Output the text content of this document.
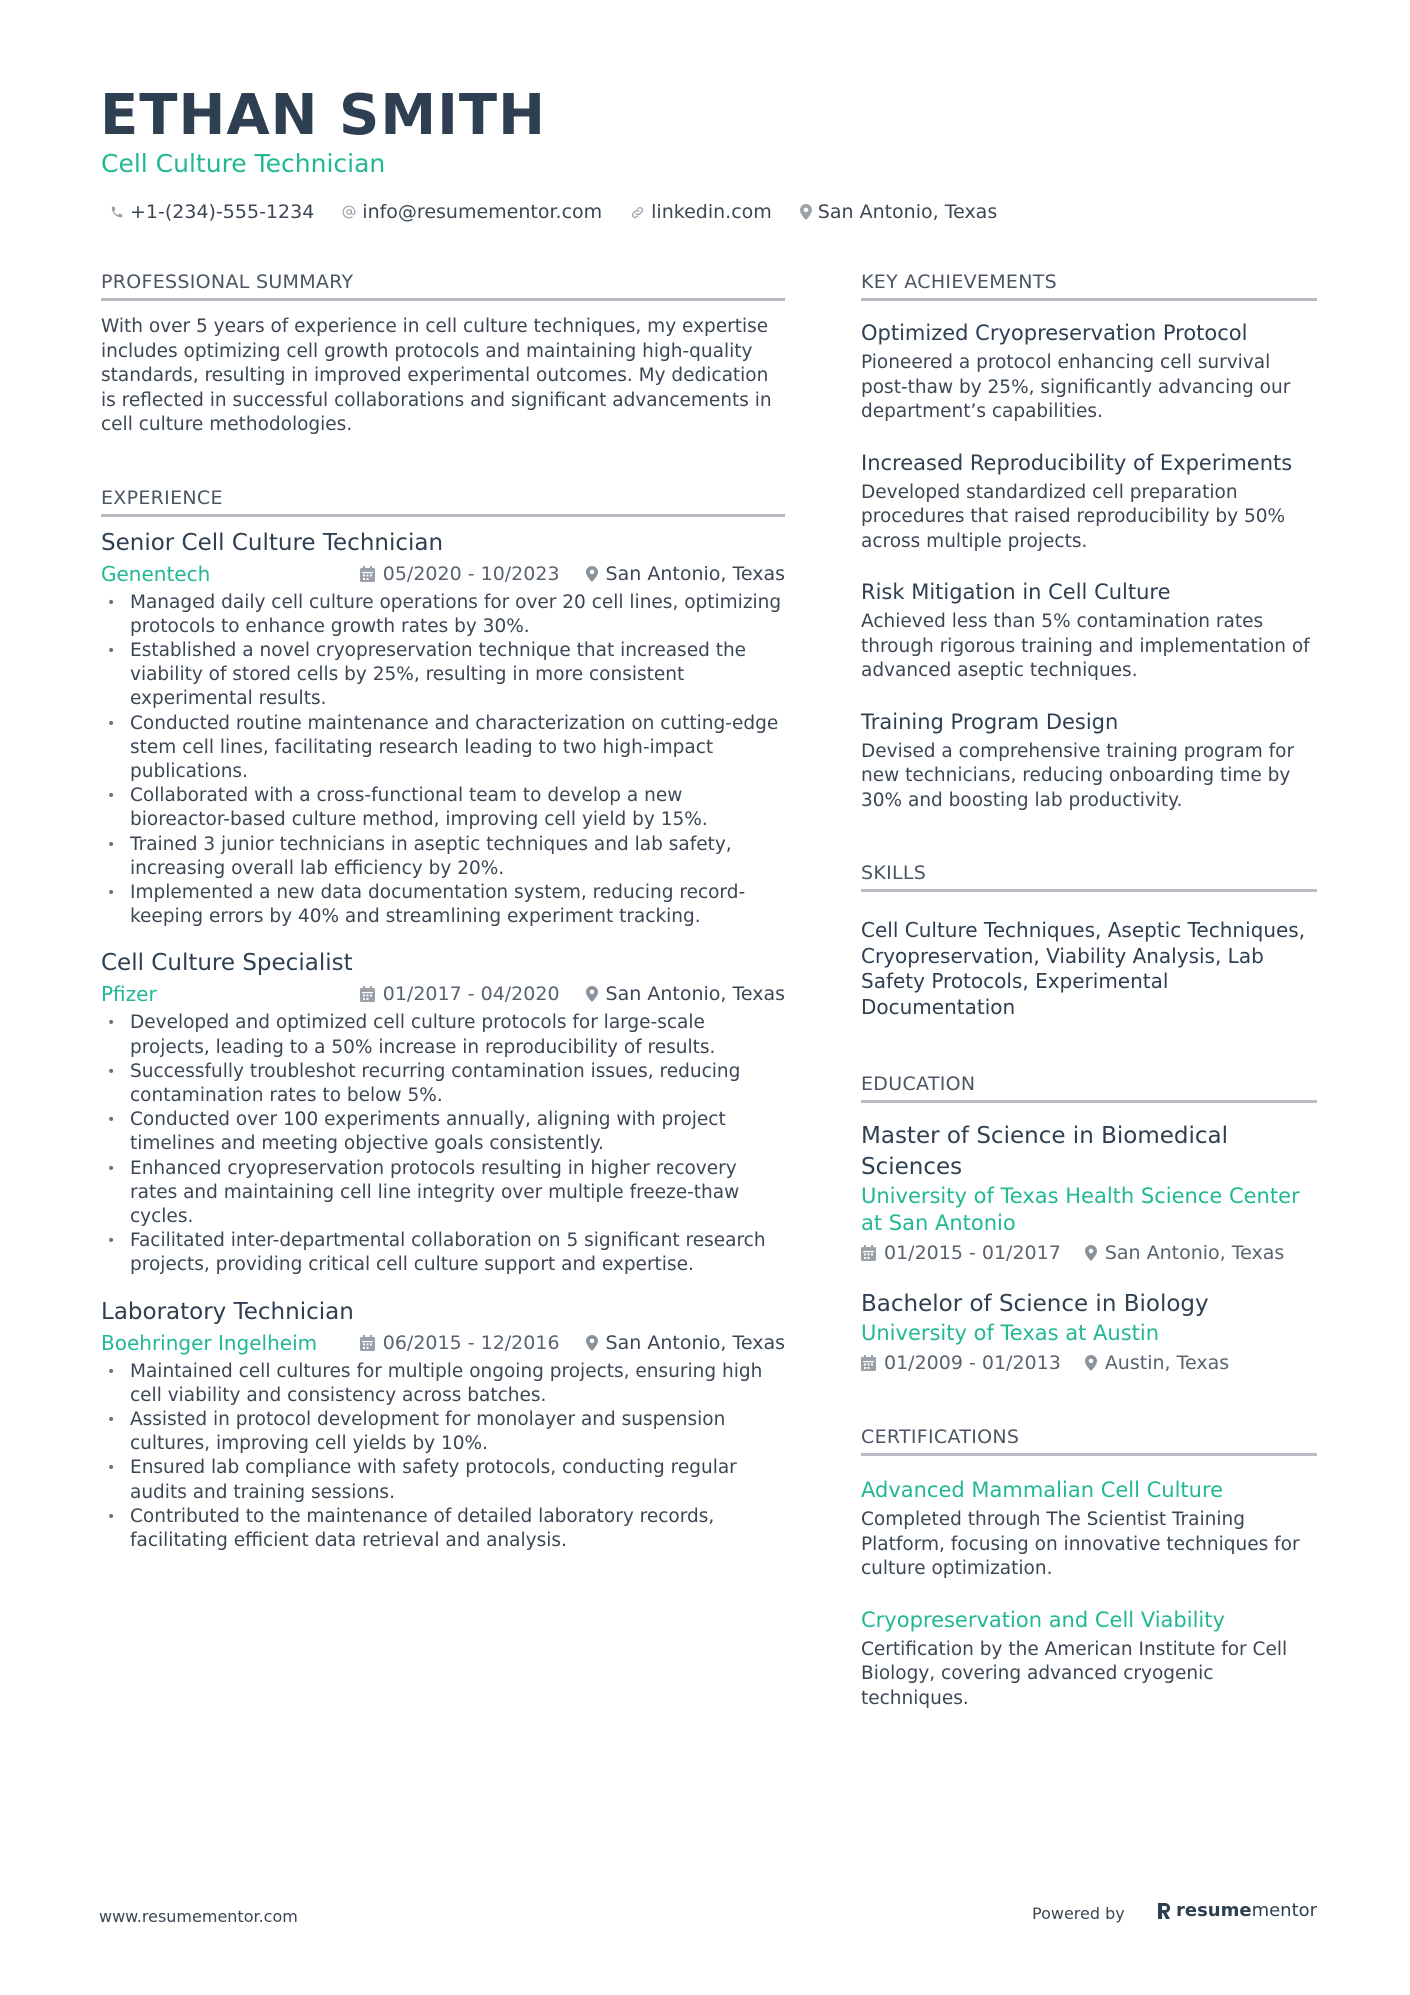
ETHAN SMITH
Cell Culture Technician
+1-(234)-555-1234	info@resumementor.com	linkedin.com San Antonio, Texas
PROFESSIONAL SUMMARY
With over 5 years of experience in cell culture techniques, my expertise includes optimizing cell growth protocols and maintaining high-quality standards, resulting in improved experimental outcomes. My dedication is reflected in successful collaborations and significant advancements in cell culture methodologies.
EXPERIENCE
Senior Cell Culture Technician
Genentech	05/2020 - 10/2023 San Antonio, Texas
• Managed daily cell culture operations for over 20 cell lines, optimizing protocols to enhance growth rates by 30%.
• Established a novel cryopreservation technique that increased the viability of stored cells by 25%, resulting in more consistent experimental results.
• Conducted routine maintenance and characterization on cutting-edge stem cell lines, facilitating research leading to two high-impact publications.
• Collaborated with a cross-functional team to develop a new bioreactor-based culture method, improving cell yield by 15%.
• Trained 3 junior technicians in aseptic techniques and lab safety, increasing overall lab efficiency by 20%.
• Implemented a new data documentation system, reducing record-keeping errors by 40% and streamlining experiment tracking.
Cell Culture Specialist
Pfizer	01/2017 - 04/2020 San Antonio, Texas
• Developed and optimized cell culture protocols for large-scale projects, leading to a 50% increase in reproducibility of results.
• Successfully troubleshot recurring contamination issues, reducing contamination rates to below 5%.
• Conducted over 100 experiments annually, aligning with project timelines and meeting objective goals consistently.
• Enhanced cryopreservation protocols resulting in higher recovery rates and maintaining cell line integrity over multiple freeze-thaw cycles.
• Facilitated inter-departmental collaboration on 5 significant research projects, providing critical cell culture support and expertise.
Laboratory Technician
Boehringer Ingelheim	06/2015 - 12/2016 San Antonio, Texas
• Maintained cell cultures for multiple ongoing projects, ensuring high cell viability and consistency across batches.
• Assisted in protocol development for monolayer and suspension cultures, improving cell yields by 10%.
• Ensured lab compliance with safety protocols, conducting regular audits and training sessions.
• Contributed to the maintenance of detailed laboratory records, facilitating efficient data retrieval and analysis.
KEY ACHIEVEMENTS
Optimized Cryopreservation Protocol
Pioneered a protocol enhancing cell survival post-thaw by 25%, significantly advancing our department’s capabilities.
Increased Reproducibility of Experiments
Developed standardized cell preparation procedures that raised reproducibility by 50% across multiple projects.
Risk Mitigation in Cell Culture
Achieved less than 5% contamination rates through rigorous training and implementation of advanced aseptic techniques.
Training Program Design
Devised a comprehensive training program for new technicians, reducing onboarding time by 30% and boosting lab productivity.
SKILLS
Cell Culture Techniques, Aseptic Techniques, Cryopreservation, Viability Analysis, Lab Safety Protocols, Experimental Documentation
EDUCATION
Master of Science in Biomedical Sciences
University of Texas Health Science Center at San Antonio
01/2015 - 01/2017 San Antonio, Texas
Bachelor of Science in Biology
University of Texas at Austin
01/2009 - 01/2013 Austin, Texas
CERTIFICATIONS
Advanced Mammalian Cell Culture
Completed through The Scientist Training Platform, focusing on innovative techniques for culture optimization.
Cryopreservation and Cell Viability
Certification by the American Institute for Cell Biology, covering advanced cryogenic techniques.
www.resumementor.com	Powered by	resume mentor
